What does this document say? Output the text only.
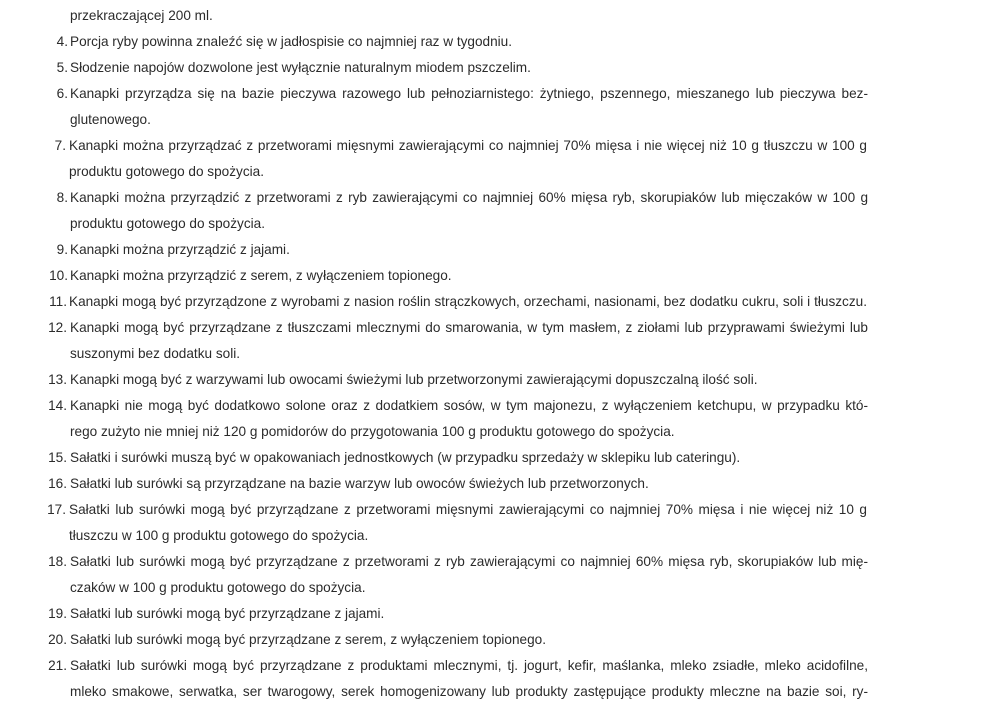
przekraczającej 200 ml.
4. Porcja ryby powinna znaleźć się w jadłospisie co najmniej raz w tygodniu.
5. Słodzenie napojów dozwolone jest wyłącznie naturalnym miodem pszczelim.
6. Kanapki przyrządza się na bazie pieczywa razowego lub pełnoziarnistego: żytniego, pszennego, mieszanego lub pieczywa bez-
glutenowego.
7. Kanapki można przyrządzać z przetworami mięsnymi zawierającymi co najmniej 70% mięsa i nie więcej niż 10 g tłuszczu w 100 g
produktu gotowego do spożycia.
8. Kanapki można przyrządzić z przetworami z ryb zawierającymi co najmniej 60% mięsa ryb, skorupiaków lub mięczaków w 100 g
produktu gotowego do spożycia.
9. Kanapki można przyrządzić z jajami.
10. Kanapki można przyrządzić z serem, z wyłączeniem topionego.
11. Kanapki mogą być przyrządzone z wyrobami z nasion roślin strączkowych, orzechami, nasionami, bez dodatku cukru, soli i tłuszczu.
12. Kanapki mogą być przyrządzane z tłuszczami mlecznymi do smarowania, w tym masłem, z ziołami lub przyprawami świeżymi lub
suszonymi bez dodatku soli.
13. Kanapki mogą być z warzywami lub owocami świeżymi lub przetworzonymi zawierającymi dopuszczalną ilość soli.
14. Kanapki nie mogą być dodatkowo solone oraz z dodatkiem sosów, w tym majonezu, z wyłączeniem ketchupu, w przypadku któ-
rego zużyto nie mniej niż 120 g pomidorów do przygotowania 100 g produktu gotowego do spożycia.
15. Sałatki i surówki muszą być w opakowaniach jednostkowych (w przypadku sprzedaży w sklepiku lub cateringu).
16. Sałatki lub surówki są przyrządzane na bazie warzyw lub owoców świeżych lub przetworzonych.
17. Sałatki lub surówki mogą być przyrządzane z przetworami mięsnymi zawierającymi co najmniej 70% mięsa i nie więcej niż 10 g
tłuszczu w 100 g produktu gotowego do spożycia.
18. Sałatki lub surówki mogą być przyrządzane z przetworami z ryb zawierającymi co najmniej 60% mięsa ryb, skorupiaków lub mię-
czaków w 100 g produktu gotowego do spożycia.
19. Sałatki lub surówki mogą być przyrządzane z jajami.
20. Sałatki lub surówki mogą być przyrządzane z serem, z wyłączeniem topionego.
21. Sałatki lub surówki mogą być przyrządzane z produktami mlecznymi, tj. jogurt, kefir, maślanka, mleko zsiadłe, mleko acidofilne,
mleko smakowe, serwatka, ser twarogowy, serek homogenizowany lub produkty zastępujące produkty mleczne na bazie soi, ry-
